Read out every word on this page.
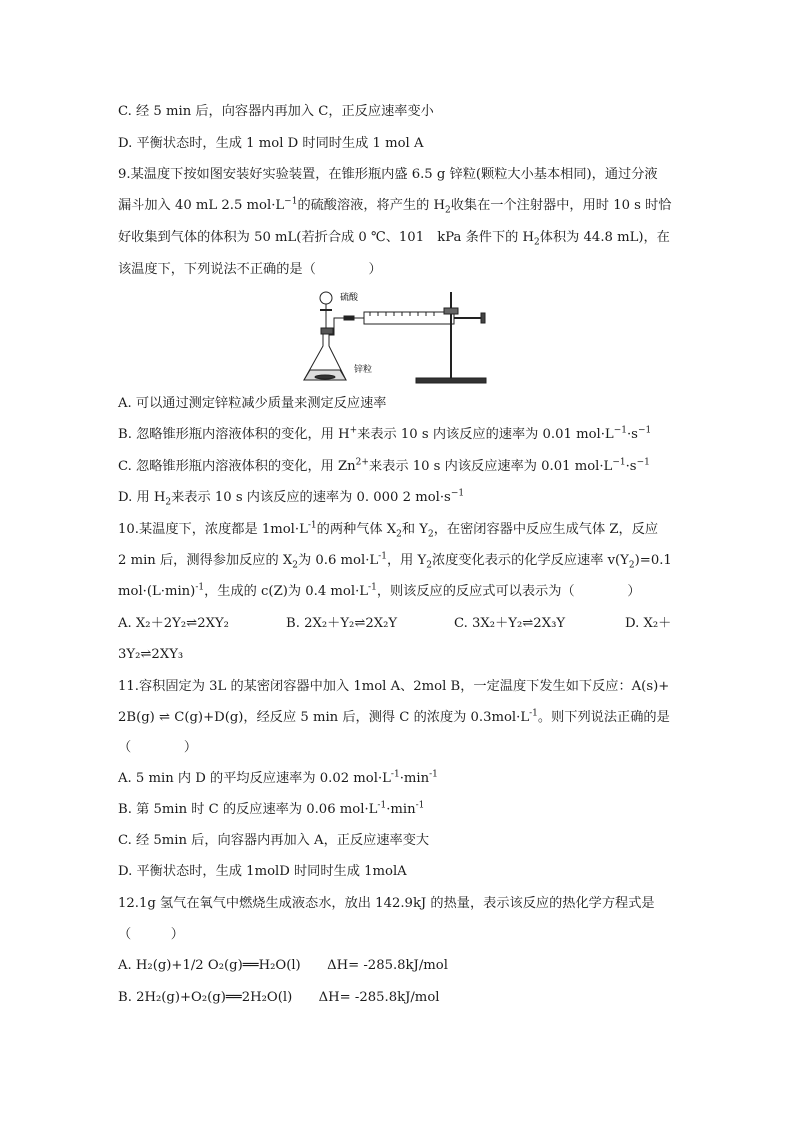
C. 经 5 min 后，向容器内再加入 C，正反应速率变小
D. 平衡状态时，生成 1 mol D 时同时生成 1 mol A
9.某温度下按如图安装好实验装置，在锥形瓶内盛 6.5 g 锌粒(颗粒大小基本相同)，通过分液
漏斗加入 40 mL 2.5 $mol\cdot L^{-1}$的硫酸溶液，将产生的 $H_2$收集在一个注射器中，用时 10 s 时恰
好收集到气体的体积为 50 mL(若折合成 0 ℃、101　kPa 条件下的 $H_2$体积为 44.8 mL)，在
该温度下，下列说法不正确的是（　　　　）
硫酸
锌粒
A. 可以通过测定锌粒减少质量来测定反应速率
B. 忽略锥形瓶内溶液体积的变化，用 H+来表示 10 s 内该反应的速率为 0.01 $mol\cdot L^{-1}\cdot s^{-1}$
C. 忽略锥形瓶内溶液体积的变化，用 $Zn^{2+}$来表示 10 s 内该反应速率为 0.01 $mol\cdot L^{-1}\cdot s^{-1}$
D. 用 $H_2$来表示 10 s 内该反应的速率为 0. 000 2 $mol\cdot s^{-1}$
10.某温度下，浓度都是 $1mol\cdot L^{-1}$的两种气体 $X_2$和 $Y_2$，在密闭容器中反应生成气体 Z，反应
2 min 后，测得参加反应的 $X_2$为 0.6 $mol\cdot L^{-1}$，用 $Y_2$浓度变化表示的化学反应速率 $v(Y_2)=0.1$
$mol\cdot(L\cdot\min)^{-1}$，生成的 c(Z)为 0.4 $mol\cdot L^{-1}$，则该反应的反应式可以表示为（　　　　）
A. X₂＋2Y₂⇌2XY₂	B. 2X₂＋Y₂⇌2X₂Y	C. 3X₂＋Y₂⇌2X₃Y	D. X₂＋
3Y₂⇌2XY₃
11.容积固定为 3L 的某密闭容器中加入 1mol A、2mol B，一定温度下发生如下反应：A(s)+
2B(g) ⇌ C(g)+D(g)，经反应 5 min 后，测得 C 的浓度为 $0.3mol\cdot L^{-1}$。则下列说法正确的是
（　　　　）
A. 5 min 内 D 的平均反应速率为 0.02 $mol\cdot L^{-1}\cdot\min^{-1}$
B. 第 5min 时 C 的反应速率为 0.06 $mol\cdot L^{-1}\cdot\min^{-1}$
C. 经 5min 后，向容器内再加入 A，正反应速率变大
D. 平衡状态时，生成 1molD 时同时生成 1molA
12.1g 氢气在氧气中燃烧生成液态水，放出 142.9kJ 的热量，表示该反应的热化学方程式是
（　　　）
A. H₂(g)+1/2 O₂(g)══H₂O(l)　　ΔH= -285.8kJ/mol
B. 2H₂(g)+O₂(g)══2H₂O(l)　　ΔH= -285.8kJ/mol
